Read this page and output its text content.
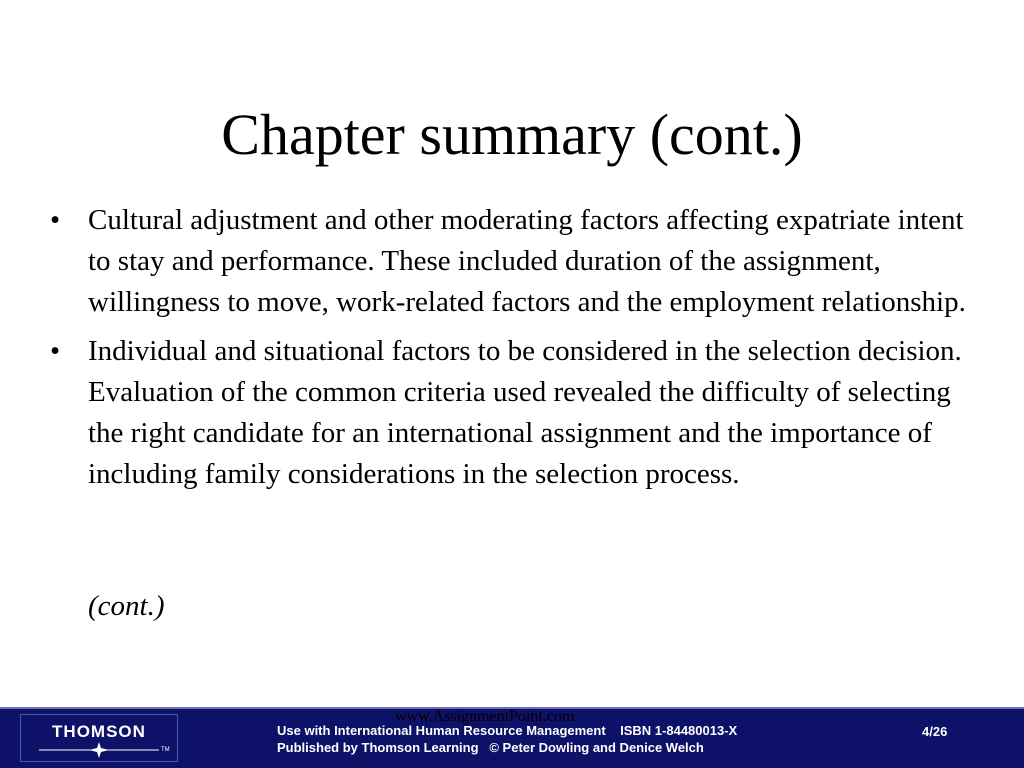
Chapter summary (cont.)
• Cultural adjustment and other moderating factors affecting expatriate intent to stay and performance. These included duration of the assignment, willingness to move, work-related factors and the employment relationship.
• Individual and situational factors to be considered in the selection decision. Evaluation of the common criteria used revealed the difficulty of selecting the right candidate for an international assignment and the importance of including family considerations in the selection process.
(cont.)
THOMSON
TM
Use with International Human Resource Management    ISBN 1-84480013-X
Published by Thomson Learning   © Peter Dowling and Denice Welch
4/26
www.AssignmentPoint.com
